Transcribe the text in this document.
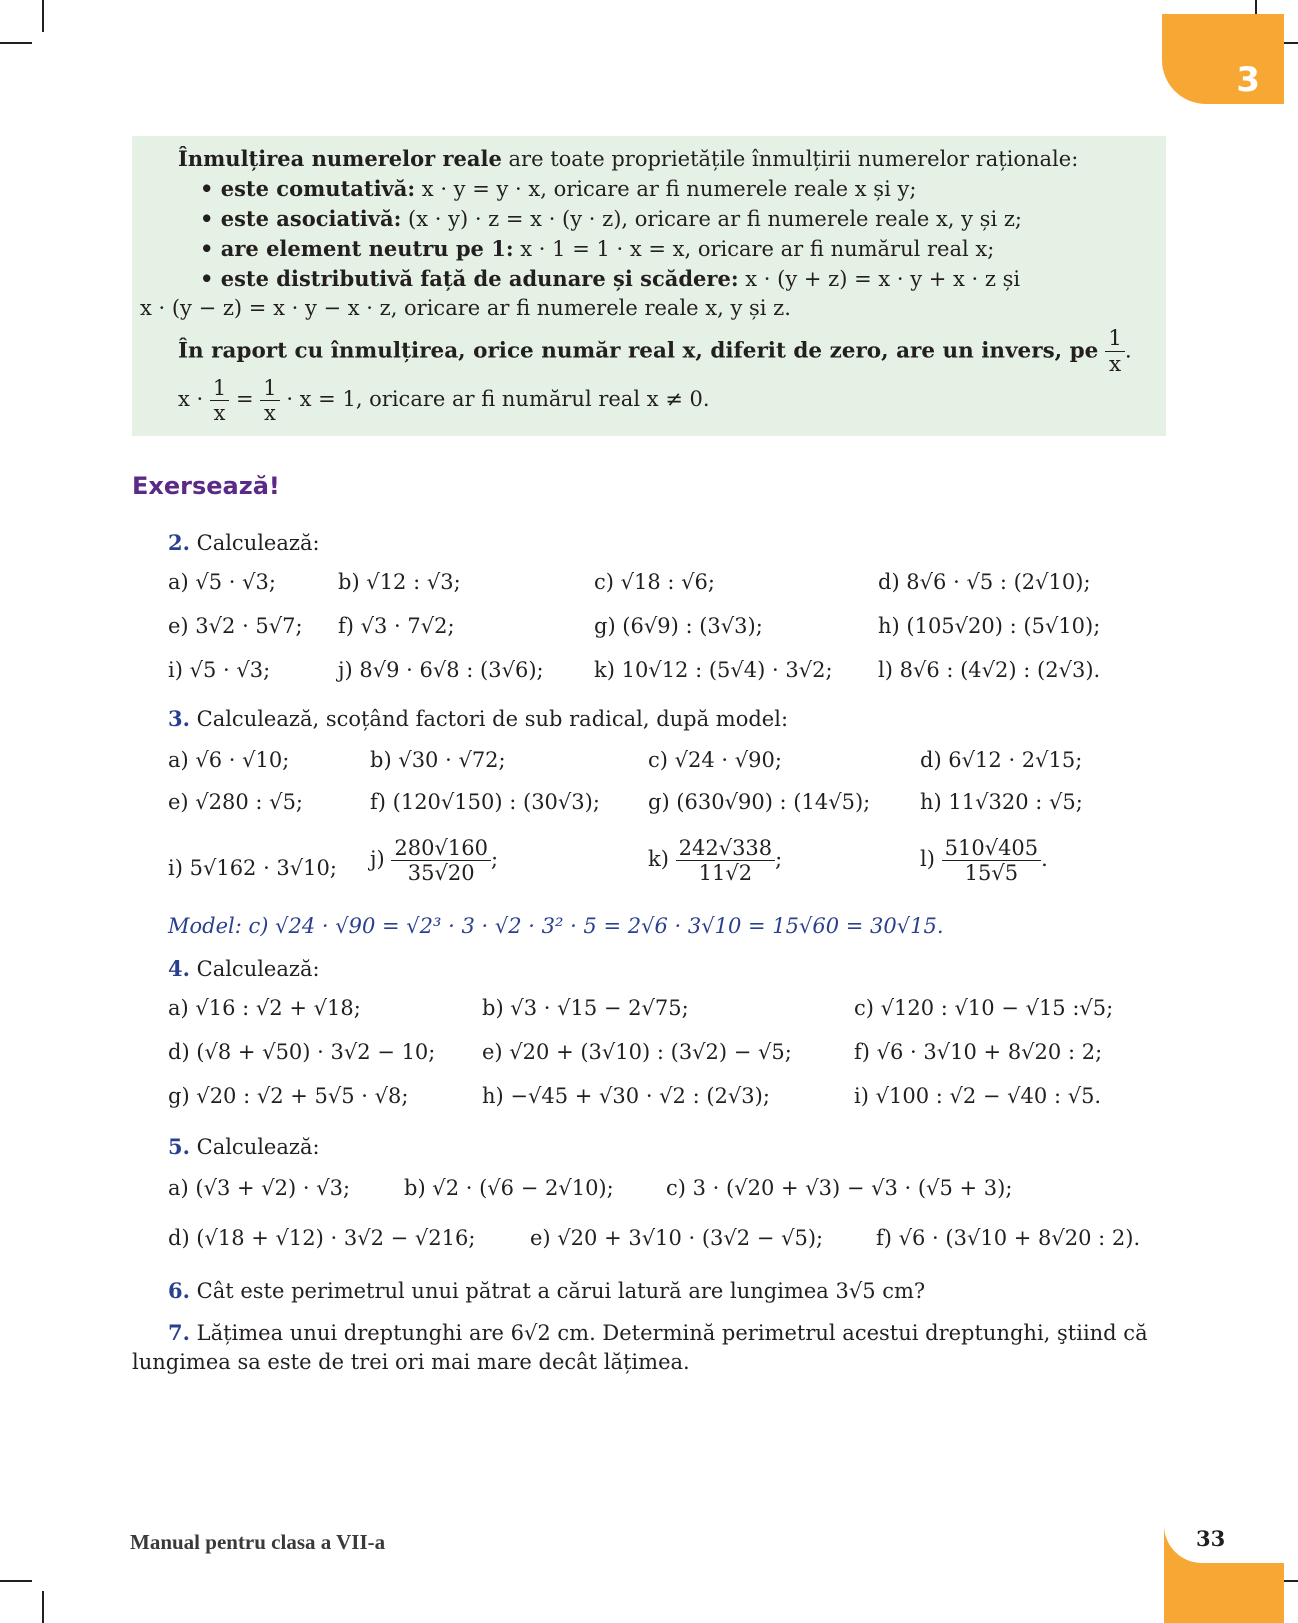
3
Înmulțirea numerelor reale are toate proprietățile înmulțirii numerelor raționale:
• este comutativă: x · y = y · x, oricare ar fi numerele reale x și y;
• este asociativă: (x · y) · z = x · (y · z), oricare ar fi numerele reale x, y și z;
• are element neutru pe 1: x · 1 = 1 · x = x, oricare ar fi numărul real x;
• este distributivă față de adunare și scădere: x · (y + z) = x · y + x · z și
x · (y − z) = x · y − x · z, oricare ar fi numerele reale x, y și z.
În raport cu înmulțirea, orice număr real x, diferit de zero, are un invers, pe $\frac{1}{x}$ .
$x \cdot \frac{1}{x} = \frac{1}{x} \cdot x = 1$, oricare ar fi numărul real x ≠ 0.
Exersează!
2. Calculează:
a) √5 · √3;	b) √12 : √3;	c) √18 : √6;	d) 8√6 · √5 : (2√10);
e) 3√2 · 5√7; f) √3 · 7√2;	g) (6√9) : (3√3);	h) (105√20) : (5√10);
i) √5 · √3;	j) 8√9 · 6√8 : (3√6); k) 10√12 : (5√4) · 3√2; l) 8√6 : (4√2) : (2√3).
3. Calculează, scoțând factori de sub radical, după model:
a) √6 · √10;	b) √30 · √72;	c) √24 · √90;	d) 6√12 · 2√15;
e) √280 : √5;	f) (120√150) : (30√3); g) (630√90) : (14√5); h) 11√320 : √5;
i) 5√162 · 3√10; $j) \frac{280√160}{35√20}$ ;	$k) \frac{242√338}{11√2}$ ;	$l) \frac{510√405}{15√5}$ .
Model: c) √24 · √90 = √2³ · 3 · √2 · 3² · 5 = 2√6 · 3√10 = 15√60 = 30√15.
4. Calculează:
a) √16 : √2 + √18;	b) √3 · √15 − 2√75;	c) √120 : √10 − √15 :√5;
d) (√8 + √50) · 3√2 − 10; e) √20 + (3√10) : (3√2) − √5;	f) √6 · 3√10 + 8√20 : 2;
g) √20 : √2 + 5√5 · √8;	h) −√45 + √30 · √2 : (2√3);	i) √100 : √2 − √40 : √5.
5. Calculează:
a) (√3 + √2) · √3;	b) √2 · (√6 − 2√10); c) 3 · (√20 + √3) − √3 · (√5 + 3);
d) (√18 + √12) · 3√2 − √216;	e) √20 + 3√10 · (3√2 − √5);	f) √6 · (3√10 + 8√20 : 2).
6. Cât este perimetrul unui pătrat a cărui latură are lungimea 3√5 cm?
7. Lățimea unui dreptunghi are 6√2 cm. Determină perimetrul acestui dreptunghi, ştiind că
lungimea sa este de trei ori mai mare decât lățimea.
Manual pentru clasa a VII-a	33
